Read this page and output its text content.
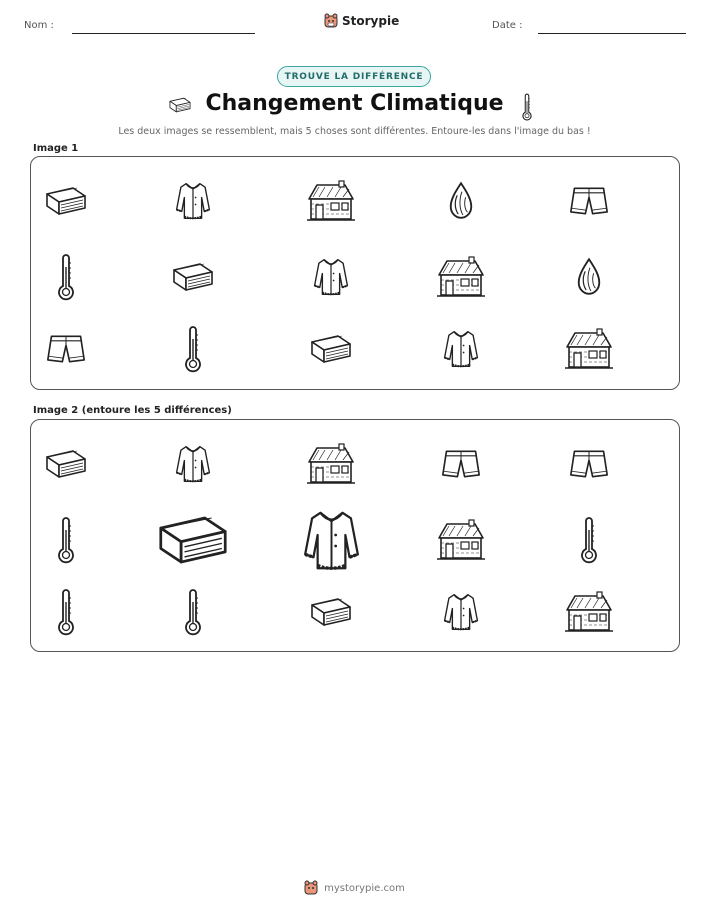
Nom :	Storypie	Date :
TROUVE LA DIFFÉRENCE
Changement Climatique
Les deux images se ressemblent, mais 5 choses sont différentes. Entoure-les dans l'image du bas !
Image 1
Image 2 (entoure les 5 différences)
mystorypie.com
